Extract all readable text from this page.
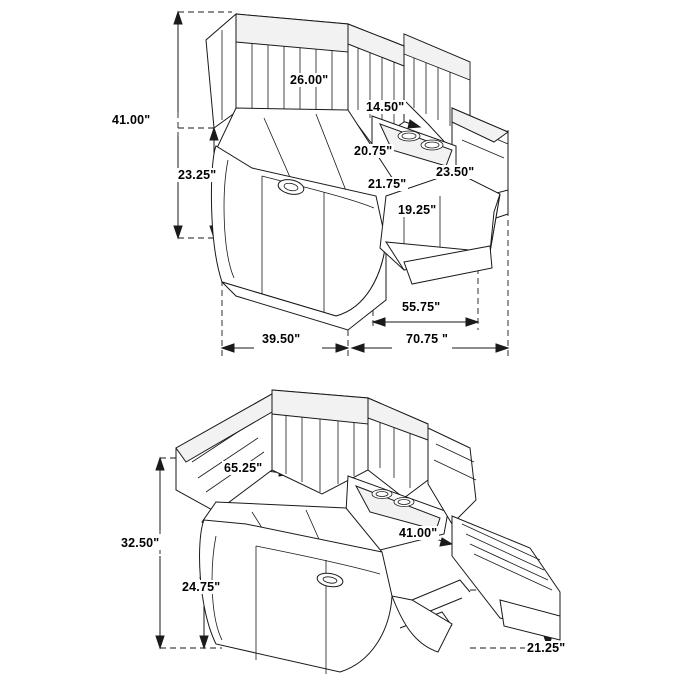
41.00"
26.00"
14.50"
20.75"
23.25"	23.50"
21.75"
19.25"
55.75"
39.50"	70.75 "
65.25"
32.50"
41.00"
24.75"
21.25"
